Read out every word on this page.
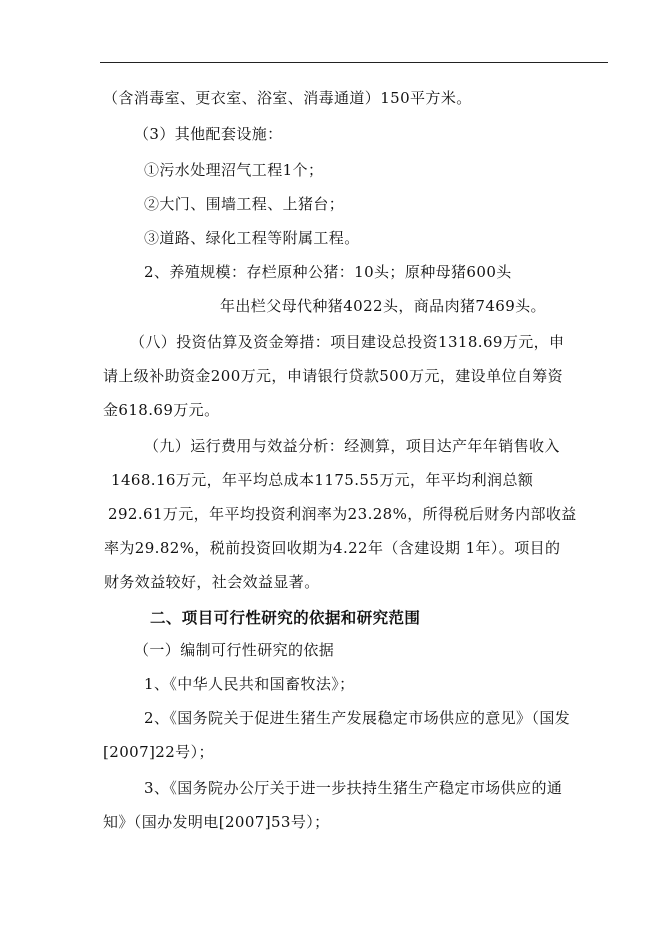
（含消毒室、更衣室、浴室、消毒通道）150平方米。
（3）其他配套设施：
①污水处理沼气工程1个；
②大门、围墙工程、上猪台；
③道路、绿化工程等附属工程。
2、养殖规模：存栏原种公猪：10头；原种母猪600头
年出栏父母代种猪4022头，商品肉猪7469头。
（八）投资估算及资金筹措：项目建设总投资1318.69万元，申
请上级补助资金200万元，申请银行贷款500万元，建设单位自筹资
金618.69万元。
（九）运行费用与效益分析：经测算，项目达产年年销售收入
1468.16万元，年平均总成本1175.55万元，年平均利润总额
292.61万元，年平均投资利润率为23.28%，所得税后财务内部收益
率为29.82%，税前投资回收期为4.22年（含建设期 1年）。项目的
财务效益较好，社会效益显著。
二、项目可行性研究的依据和研究范围
（一）编制可行性研究的依据
1、《中华人民共和国畜牧法》；
2、《国务院关于促进生猪生产发展稳定市场供应的意见》（国发
[2007]22号）；
3、《国务院办公厅关于进一步扶持生猪生产稳定市场供应的通
知》（国办发明电[2007]53号）；
